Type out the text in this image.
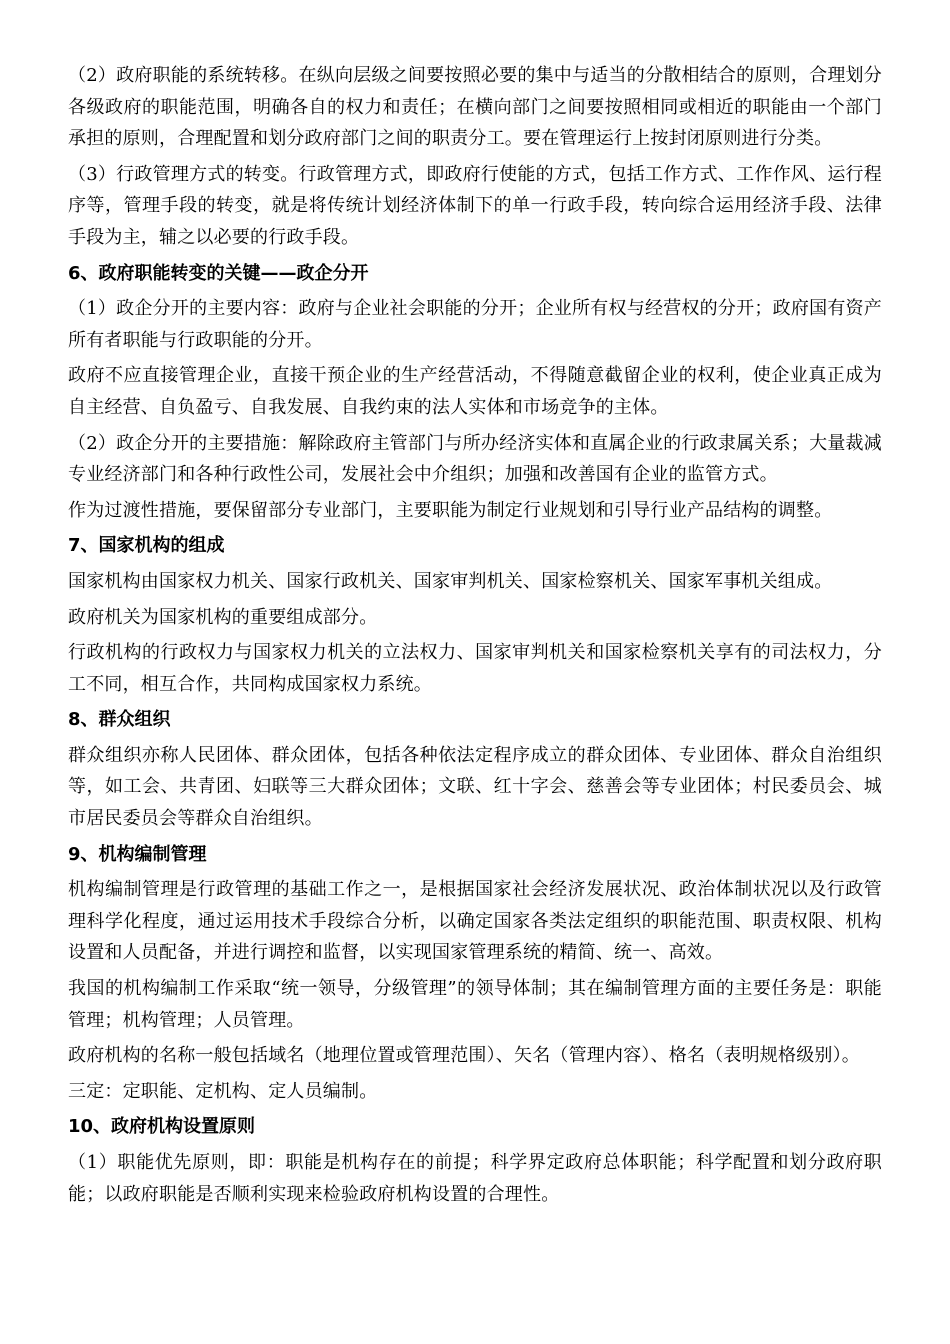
（2）政府职能的系统转移。在纵向层级之间要按照必要的集中与适当的分散相结合的原则，合理划分各级政府的职能范围，明确各自的权力和责任；在横向部门之间要按照相同或相近的职能由一个部门承担的原则，合理配置和划分政府部门之间的职责分工。要在管理运行上按封闭原则进行分类。

（3）行政管理方式的转变。行政管理方式，即政府行使能的方式，包括工作方式、工作作风、运行程序等，管理手段的转变，就是将传统计划经济体制下的单一行政手段，转向综合运用经济手段、法律手段为主，辅之以必要的行政手段。

6、政府职能转变的关键——政企分开

（1）政企分开的主要内容：政府与企业社会职能的分开；企业所有权与经营权的分开；政府国有资产所有者职能与行政职能的分开。

政府不应直接管理企业，直接干预企业的生产经营活动，不得随意截留企业的权利，使企业真正成为自主经营、自负盈亏、自我发展、自我约束的法人实体和市场竞争的主体。

（2）政企分开的主要措施：解除政府主管部门与所办经济实体和直属企业的行政隶属关系；大量裁减专业经济部门和各种行政性公司，发展社会中介组织；加强和改善国有企业的监管方式。

作为过渡性措施，要保留部分专业部门，主要职能为制定行业规划和引导行业产品结构的调整。

7、国家机构的组成

国家机构由国家权力机关、国家行政机关、国家审判机关、国家检察机关、国家军事机关组成。

政府机关为国家机构的重要组成部分。

行政机构的行政权力与国家权力机关的立法权力、国家审判机关和国家检察机关享有的司法权力，分工不同，相互合作，共同构成国家权力系统。

8、群众组织

群众组织亦称人民团体、群众团体，包括各种依法定程序成立的群众团体、专业团体、群众自治组织等，如工会、共青团、妇联等三大群众团体；文联、红十字会、慈善会等专业团体；村民委员会、城市居民委员会等群众自治组织。

9、机构编制管理

机构编制管理是行政管理的基础工作之一，是根据国家社会经济发展状况、政治体制状况以及行政管理科学化程度，通过运用技术手段综合分析，以确定国家各类法定组织的职能范围、职责权限、机构设置和人员配备，并进行调控和监督，以实现国家管理系统的精简、统一、高效。

我国的机构编制工作采取“统一领导，分级管理”的领导体制；其在编制管理方面的主要任务是：职能管理；机构管理；人员管理。

政府机构的名称一般包括域名（地理位置或管理范围）、矢名（管理内容）、格名（表明规格级别）。

三定：定职能、定机构、定人员编制。

10、政府机构设置原则

（1）职能优先原则，即：职能是机构存在的前提；科学界定政府总体职能；科学配置和划分政府职能；以政府职能是否顺利实现来检验政府机构设置的合理性。
